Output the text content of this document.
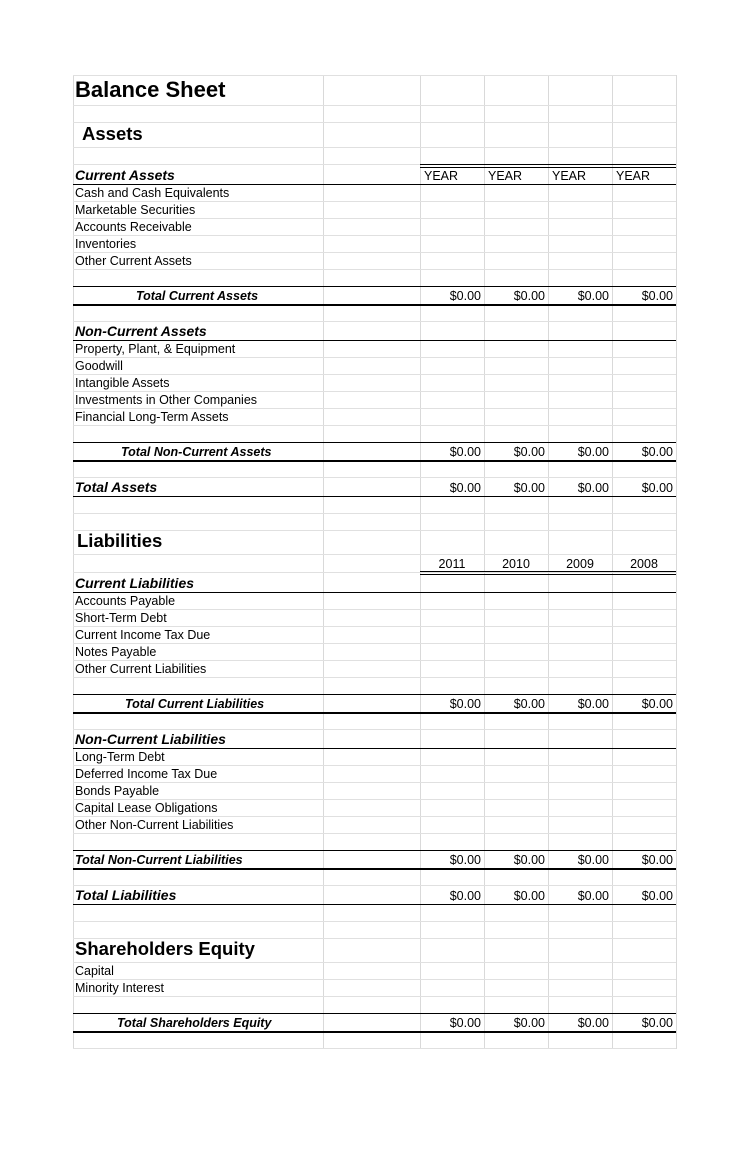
Balance Sheet
Assets
Current Assets	YEAR	YEAR	YEAR	YEAR
Cash and Cash Equivalents
Marketable Securities
Accounts Receivable
Inventories
Other Current Assets
Total Current Assets	$0.00	$0.00	$0.00	$0.00
Non-Current Assets
Property, Plant, & Equipment
Goodwill
Intangible Assets
Investments in Other Companies
Financial Long-Term Assets
Total Non-Current Assets	$0.00	$0.00	$0.00	$0.00
Total Assets	$0.00	$0.00	$0.00	$0.00
Liabilities
2011	2010	2009	2008
Current Liabilities
Accounts Payable
Short-Term Debt
Current Income Tax Due
Notes Payable
Other Current Liabilities
Total Current Liabilities	$0.00	$0.00	$0.00	$0.00
Non-Current Liabilities
Long-Term Debt
Deferred Income Tax Due
Bonds Payable
Capital Lease Obligations
Other Non-Current Liabilities
Total Non-Current Liabilities	$0.00	$0.00	$0.00	$0.00
Total Liabilities	$0.00	$0.00	$0.00	$0.00
Shareholders Equity
Capital
Minority Interest
Total Shareholders Equity	$0.00	$0.00	$0.00	$0.00
